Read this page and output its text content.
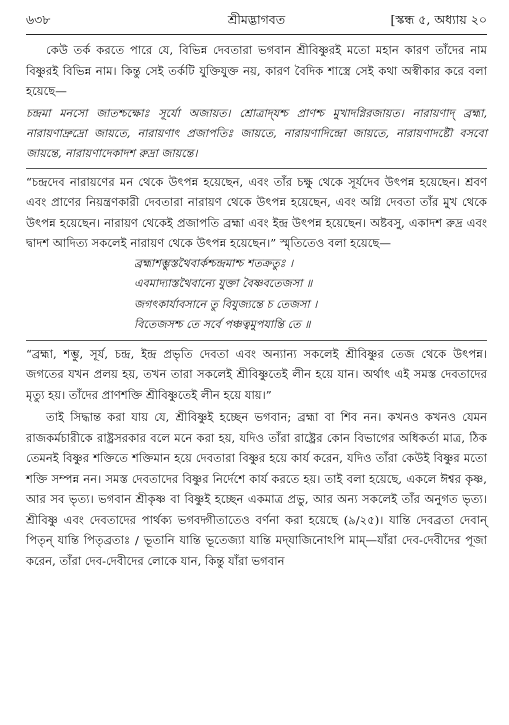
৬৩৮	শ্রীমদ্ভাগবত	[স্কন্ধ ৫, অধ্যায় ২০

কেউ তর্ক করতে পারে যে, বিভিন্ন দেবতারা ভগবান শ্রীবিষ্ণুরই মতো মহান কারণ তাঁদের নাম বিষ্ণুরই বিভিন্ন নাম। কিন্তু সেই তর্কটি যুক্তিযুক্ত নয়, কারণ বৈদিক শাস্ত্রে সেই কথা অস্বীকার করে বলা হয়েছে—

চন্দ্রমা মনসো জাতশ্চক্ষোঃ সূর্যো অজায়ত। শ্রোত্রাদ্‌যশ্চ প্রাণশ্চ মুখাদগ্নিরজায়ত। নারায়ণাদ্ ব্রহ্মা, নারায়ণাদ্রুদ্রো জায়তে, নারায়ণাৎ প্রজাপতিঃ জায়তে, নারায়ণাদিন্দ্রো জায়তে, নারায়ণাদষ্টৌ বসবো জায়ন্তে, নারায়ণাদেকাদশ রুদ্রা জায়ন্তে।

“চন্দ্রদেব নারায়ণের মন থেকে উৎপন্ন হয়েছেন, এবং তাঁর চক্ষু থেকে সূর্যদেব উৎপন্ন হয়েছেন। শ্রবণ এবং প্রাণের নিয়ন্ত্রণকারী দেবতারা নারায়ণ থেকে উৎপন্ন হয়েছেন, এবং অগ্নি দেবতা তাঁর মুখ থেকে উৎপন্ন হয়েছেন। নারায়ণ থেকেই প্রজাপতি ব্রহ্মা এবং ইন্দ্র উৎপন্ন হয়েছেন। অষ্টবসু, একাদশ রুদ্র এবং দ্বাদশ আদিত্য সকলেই নারায়ণ থেকে উৎপন্ন হয়েছেন।” স্মৃতিতেও বলা হয়েছে—

ব্রহ্মাশম্ভুস্তথৈবার্কশ্চন্দ্রমাশ্চ শতক্রতুঃ ।
এবমাদ্যাস্তথৈবান্যে যুক্তা বৈষ্ণবতেজসা ॥
জগৎকার্যাবসানে তু বিযুজ্যন্তে চ তেজসা ।
বিতেজসশ্চ তে সর্বে পঞ্চত্বমুপযান্তি তে ॥

“ব্রহ্মা, শম্ভু, সূর্য, চন্দ্র, ইন্দ্র প্রভৃতি দেবতা এবং অন্যান্য সকলেই শ্রীবিষ্ণুর তেজ থেকে উৎপন্ন। জগতের যখন প্রলয় হয়, তখন তারা সকলেই শ্রীবিষ্ণুতেই লীন হয়ে যান। অর্থাৎ এই সমস্ত দেবতাদের মৃত্যু হয়। তাঁদের প্রাণশক্তি শ্রীবিষ্ণুতেই লীন হয়ে যায়।”

তাই সিদ্ধান্ত করা যায় যে, শ্রীবিষ্ণুই হচ্ছেন ভগবান; ব্রহ্মা বা শিব নন। কখনও কখনও যেমন রাজকর্মচারীকে রাষ্ট্রসরকার বলে মনে করা হয়, যদিও তাঁরা রাষ্ট্রের কোন বিভাগের অধিকর্তা মাত্র, ঠিক তেমনই বিষ্ণুর শক্তিতে শক্তিমান হয়ে দেবতারা বিষ্ণুর হয়ে কার্য করেন, যদিও তাঁরা কেউই বিষ্ণুর মতো শক্তি সম্পন্ন নন। সমস্ত দেবতাদের বিষ্ণুর নির্দেশে কার্য করতে হয়। তাই বলা হয়েছে, একলে ঈশ্বর কৃষ্ণ, আর সব ভৃত্য। ভগবান শ্রীকৃষ্ণ বা বিষ্ণুই হচ্ছেন একমাত্র প্রভু, আর অন্য সকলেই তাঁর অনুগত ভৃত্য। শ্রীবিষ্ণু এবং দেবতাদের পার্থক্য ভগবদ্গীতাতেও বর্ণনা করা হয়েছে (৯/২৫)। যান্তি দেবব্রতা দেবান্ পিতৃন্ যান্তি পিতৃব্রতাঃ / ভূতানি যান্তি ভূতেজ্যা যান্তি মদ্‌যাজিনোঽপি মাম্—যাঁরা দেব-দেবীদের পূজা করেন, তাঁরা দেব-দেবীদের লোকে যান, কিন্তু যাঁরা ভগবান
